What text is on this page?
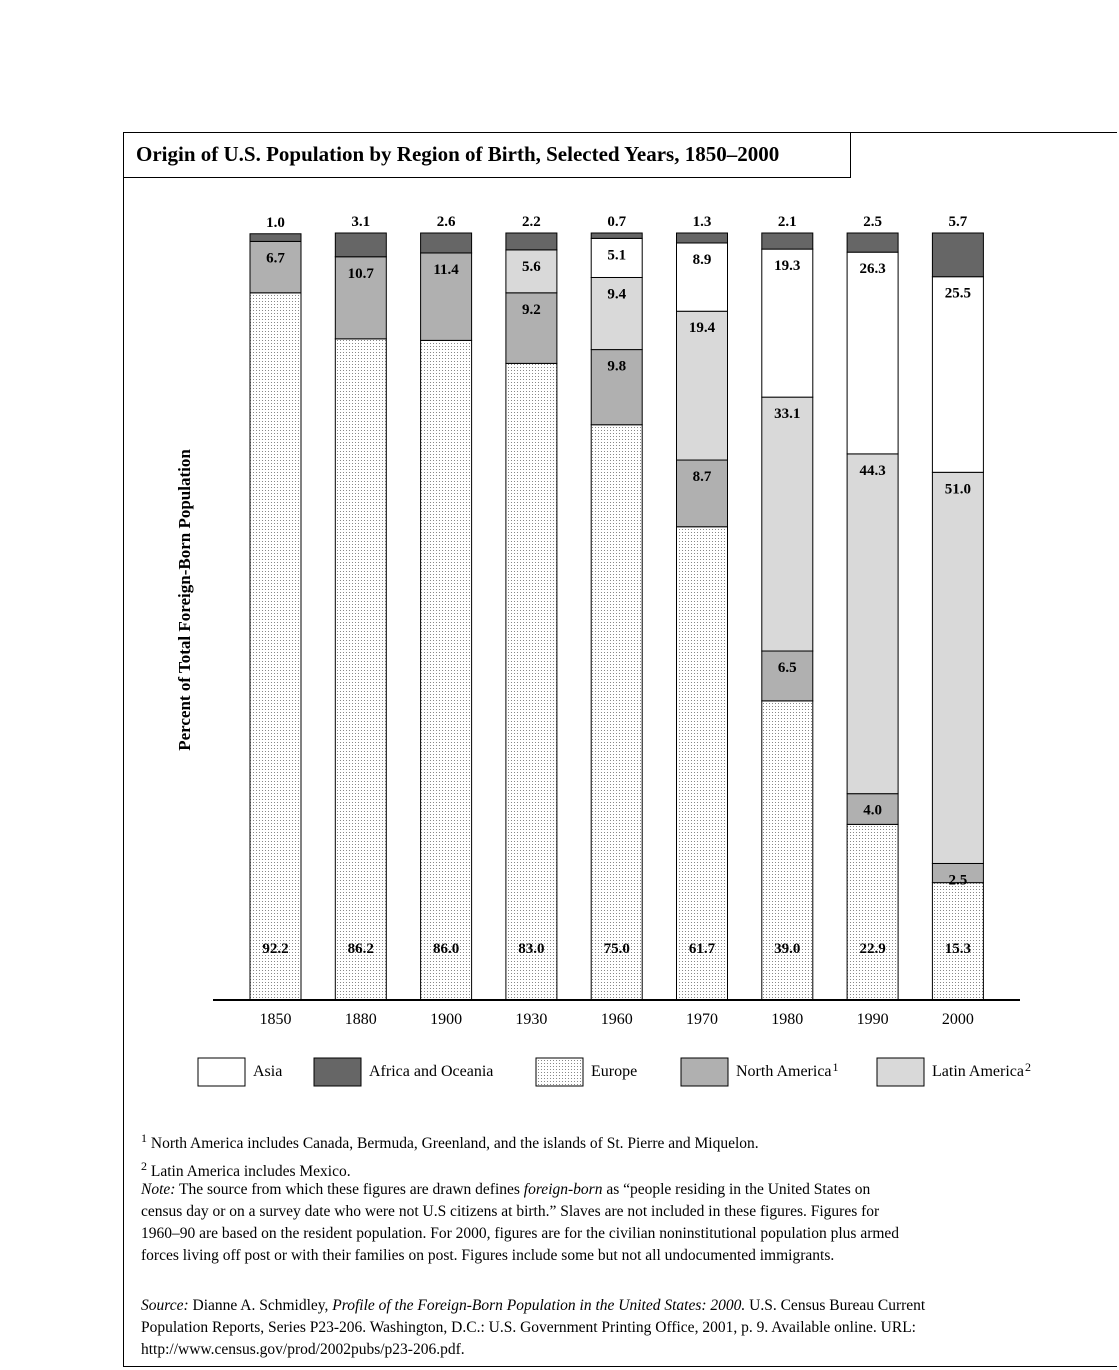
Origin of U.S. Population by Region of Birth, Selected Years, 1850–2000
92.2
6.7
1.0
1850
86.2
10.7
3.1
1880
86.0
11.4
2.6
1900
83.0
9.2
5.6
2.2
1930
75.0
9.8
9.4
5.1
0.7
1960
61.7
8.7
19.4
8.9
1.3
1970
39.0
6.5
33.1
19.3
2.1
1980
22.9
4.0
44.3
26.3
2.5
1990
15.3
2.5
51.0
25.5
5.7
2000
Percent of Total Foreign-Born Population
Asia	Africa and Oceania	Europe	North America$^1$	Latin America$^2$

$^1$ North America includes Canada, Bermuda, Greenland, and the islands of St. Pierre and Miquelon.

$^2$ Latin America includes Mexico.

Note: The source from which these figures are drawn defines foreign-born as “people residing in the United States on census day or on a survey date who were not U.S citizens at birth.” Slaves are not included in these figures. Figures for 1960–90 are based on the resident population. For 2000, figures are for the civilian noninstitutional population plus armed forces living off post or with their families on post. Figures include some but not all undocumented immigrants.

Source: Dianne A. Schmidley, Profile of the Foreign-Born Population in the United States: 2000. U.S. Census Bureau Current Population Reports, Series P23-206. Washington, D.C.: U.S. Government Printing Office, 2001, p. 9. Available online. URL: http://www.census.gov/prod/2002pubs/p23-206.pdf.
